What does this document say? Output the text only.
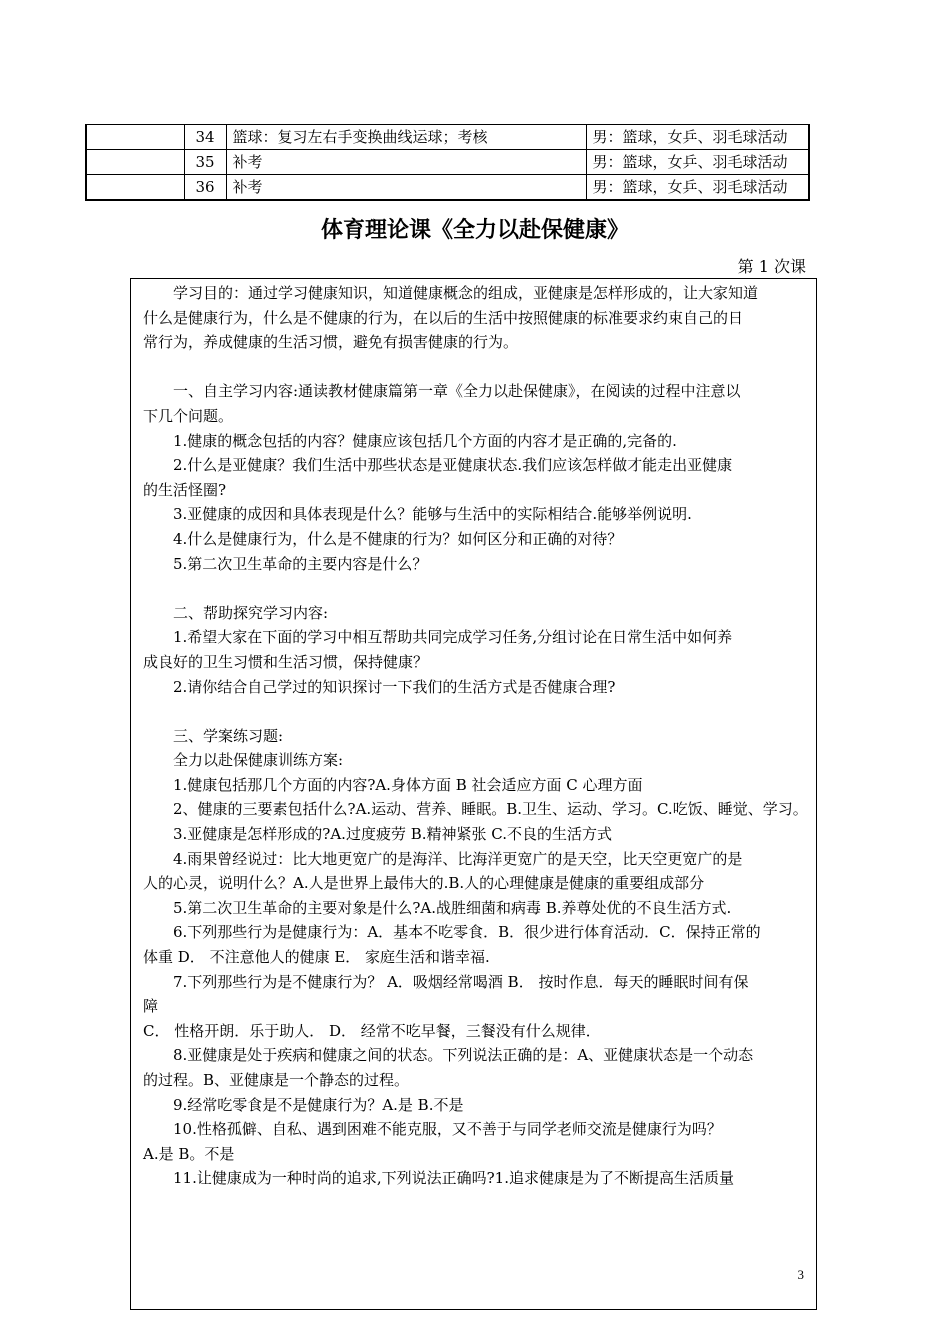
	34	篮球：复习左右手变换曲线运球；考核	男：篮球，女乒、羽毛球活动
	35	补考	男：篮球，女乒、羽毛球活动
	36	补考	男：篮球，女乒、羽毛球活动
体育理论课《全力以赴保健康》
第 1 次课

学习目的：通过学习健康知识，知道健康概念的组成，亚健康是怎样形成的，让大家知道

什么是健康行为，什么是不健康的行为，在以后的生活中按照健康的标准要求约束自己的日

常行为，养成健康的生活习惯，避免有损害健康的行为。

一、自主学习内容:通读教材健康篇第一章《全力以赴保健康》，在阅读的过程中注意以

下几个问题。

1.健康的概念包括的内容？健康应该包括几个方面的内容才是正确的,完备的.

2.什么是亚健康？我们生活中那些状态是亚健康状态.我们应该怎样做才能走出亚健康

的生活怪圈?

3.亚健康的成因和具体表现是什么？能够与生活中的实际相结合.能够举例说明.

4.什么是健康行为，什么是不健康的行为？如何区分和正确的对待？

5.第二次卫生革命的主要内容是什么？

二、帮助探究学习内容:

1.希望大家在下面的学习中相互帮助共同完成学习任务,分组讨论在日常生活中如何养

成良好的卫生习惯和生活习惯，保持健康？

2.请你结合自己学过的知识探讨一下我们的生活方式是否健康合理?

三、学案练习题:

全力以赴保健康训练方案:

1.健康包括那几个方面的内容?A.身体方面 B 社会适应方面 C 心理方面

2、健康的三要素包括什么?A.运动、营养、睡眠。B.卫生、运动、学习。C.吃饭、睡觉、学习。

3.亚健康是怎样形成的?A.过度疲劳 B.精神紧张 C.不良的生活方式

4.雨果曾经说过：比大地更宽广的是海洋、比海洋更宽广的是天空，比天空更宽广的是

人的心灵，说明什么？A.人是世界上最伟大的.B.人的心理健康是健康的重要组成部分

5.第二次卫生革命的主要对象是什么?A.战胜细菌和病毒 B.养尊处优的不良生活方式.

6.下列那些行为是健康行为：A．基本不吃零食．B．很少进行体育活动．C．保持正常的

体重 D． 不注意他人的健康 E． 家庭生活和谐幸福.

7.下列那些行为是不健康行为？ A．吸烟经常喝酒 B． 按时作息．每天的睡眠时间有保

障

C． 性格开朗．乐于助人． D． 经常不吃早餐，三餐没有什么规律．

8.亚健康是处于疾病和健康之间的状态。下列说法正确的是：A、亚健康状态是一个动态

的过程。B、亚健康是一个静态的过程。

9.经常吃零食是不是健康行为？A.是 B.不是

10.性格孤僻、自私、遇到困难不能克服，又不善于与同学老师交流是健康行为吗？

A.是 B。不是

11.让健康成为一种时尚的追求,下列说法正确吗?1.追求健康是为了不断提高生活质量

3
